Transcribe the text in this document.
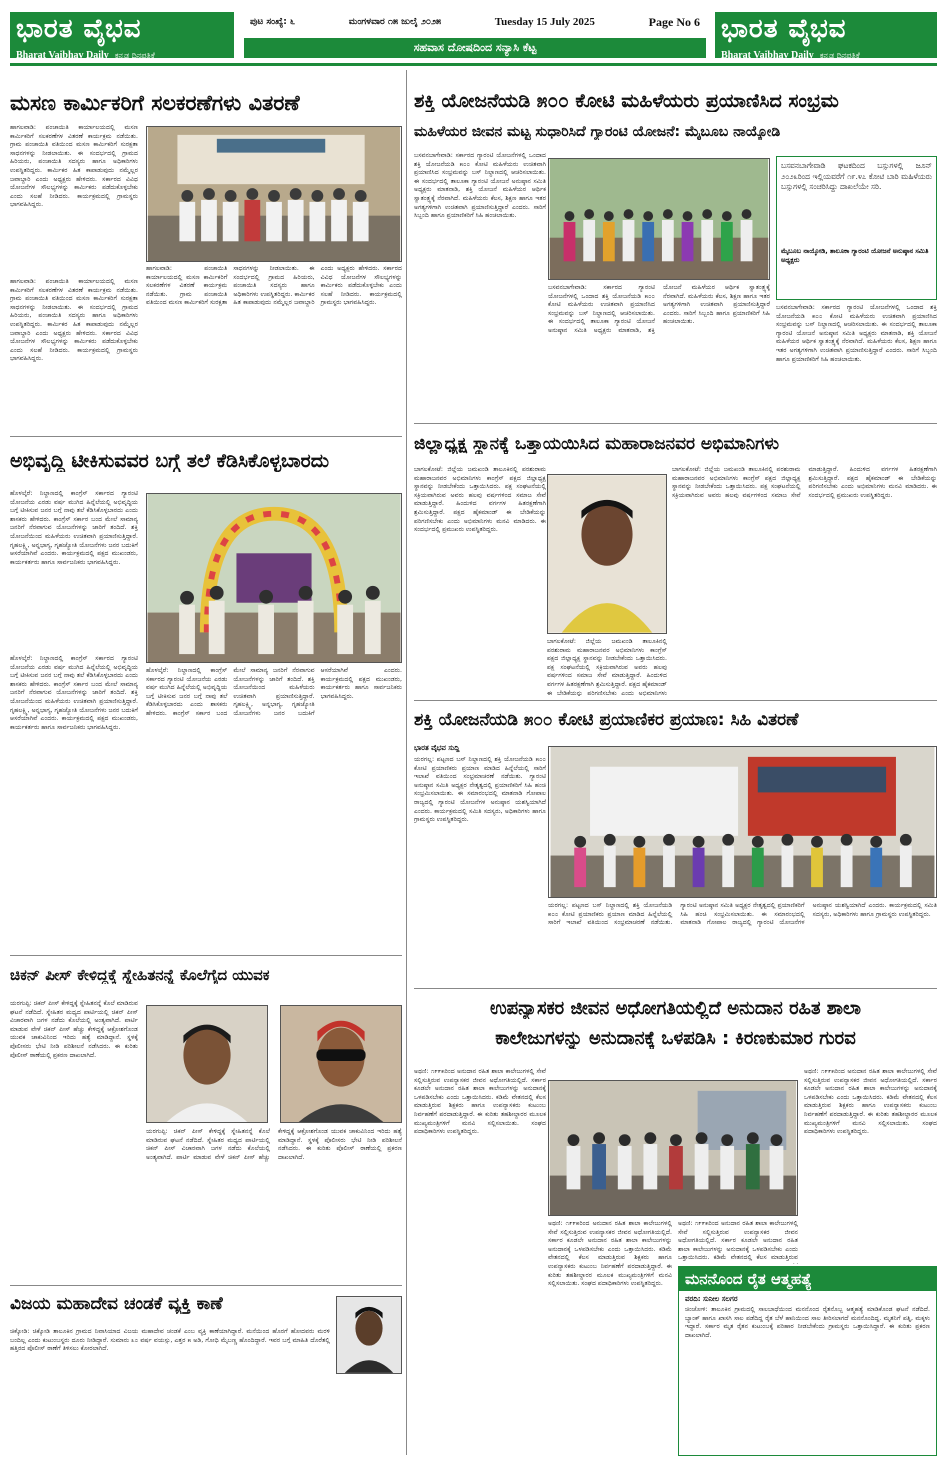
ಭಾರತ ವೈಭವ
Bharat Vaibhav Daily ಕನ್ನಡ ದಿನಪತ್ರಿಕೆ
ಭಾರತ ವೈಭವ
Bharat Vaibhav Daily ಕನ್ನಡ ದಿನಪತ್ರಿಕೆ
ಪುಟ ಸಂಖ್ಯೆ: ೬	ಮಂಗಳವಾರ ೧೫ ಜುಲೈ ೨೦೨೫	Tuesday 15 July 2025	Page No 6
ಸಹವಾಸ ದೋಷದಿಂದ ಸನ್ಯಾಸಿ ಕೆಟ್ಟ
ಮಸಣ ಕಾರ್ಮಿಕರಿಗೆ ಸಲಕರಣೆಗಳು ವಿತರಣೆ
ಹಾಗಲವಾಡಿ: ಪಂಚಾಯಿತಿ ಕಾರ್ಯಾಲಯದಲ್ಲಿ ಮಸಣ ಕಾರ್ಮಿಕರಿಗೆ ಸಲಕರಣೆಗಳ ವಿತರಣೆ ಕಾರ್ಯಕ್ರಮ ನಡೆಯಿತು. ಗ್ರಾಮ ಪಂಚಾಯಿತಿ ವತಿಯಿಂದ ಮಸಣ ಕಾರ್ಮಿಕರಿಗೆ ಸುರಕ್ಷತಾ ಸಾಧನಗಳನ್ನು ನೀಡಲಾಯಿತು. ಈ ಸಂದರ್ಭದಲ್ಲಿ ಗ್ರಾಮದ ಹಿರಿಯರು, ಪಂಚಾಯಿತಿ ಸದಸ್ಯರು ಹಾಗೂ ಅಧಿಕಾರಿಗಳು ಉಪಸ್ಥಿತರಿದ್ದರು. ಕಾರ್ಮಿಕರ ಹಿತ ಕಾಪಾಡುವುದು ನಮ್ಮೆಲ್ಲರ ಜವಾಬ್ದಾರಿ ಎಂದು ಅಧ್ಯಕ್ಷರು ಹೇಳಿದರು. ಸರ್ಕಾರದ ವಿವಿಧ ಯೋಜನೆಗಳ ಸೌಲಭ್ಯಗಳನ್ನು ಕಾರ್ಮಿಕರು ಪಡೆದುಕೊಳ್ಳಬೇಕು ಎಂದು ಸಲಹೆ ನೀಡಿದರು. ಕಾರ್ಯಕ್ರಮದಲ್ಲಿ ಗ್ರಾಮಸ್ಥರು ಭಾಗವಹಿಸಿದ್ದರು.
ಹಾಗಲವಾಡಿ: ಪಂಚಾಯಿತಿ ಕಾರ್ಯಾಲಯದಲ್ಲಿ ಮಸಣ ಕಾರ್ಮಿಕರಿಗೆ ಸಲಕರಣೆಗಳ ವಿತರಣೆ ಕಾರ್ಯಕ್ರಮ ನಡೆಯಿತು. ಗ್ರಾಮ ಪಂಚಾಯಿತಿ ವತಿಯಿಂದ ಮಸಣ ಕಾರ್ಮಿಕರಿಗೆ ಸುರಕ್ಷತಾ ಸಾಧನಗಳನ್ನು ನೀಡಲಾಯಿತು. ಈ ಸಂದರ್ಭದಲ್ಲಿ ಗ್ರಾಮದ ಹಿರಿಯರು, ಪಂಚಾಯಿತಿ ಸದಸ್ಯರು ಹಾಗೂ ಅಧಿಕಾರಿಗಳು ಉಪಸ್ಥಿತರಿದ್ದರು. ಕಾರ್ಮಿಕರ ಹಿತ ಕಾಪಾಡುವುದು ನಮ್ಮೆಲ್ಲರ ಜವಾಬ್ದಾರಿ ಎಂದು ಅಧ್ಯಕ್ಷರು ಹೇಳಿದರು. ಸರ್ಕಾರದ ವಿವಿಧ ಯೋಜನೆಗಳ ಸೌಲಭ್ಯಗಳನ್ನು ಕಾರ್ಮಿಕರು ಪಡೆದುಕೊಳ್ಳಬೇಕು ಎಂದು ಸಲಹೆ ನೀಡಿದರು. ಕಾರ್ಯಕ್ರಮದಲ್ಲಿ ಗ್ರಾಮಸ್ಥರು ಭಾಗವಹಿಸಿದ್ದರು.
ಹಾಗಲವಾಡಿ: ಪಂಚಾಯಿತಿ ಕಾರ್ಯಾಲಯದಲ್ಲಿ ಮಸಣ ಕಾರ್ಮಿಕರಿಗೆ ಸಲಕರಣೆಗಳ ವಿತರಣೆ ಕಾರ್ಯಕ್ರಮ ನಡೆಯಿತು. ಗ್ರಾಮ ಪಂಚಾಯಿತಿ ವತಿಯಿಂದ ಮಸಣ ಕಾರ್ಮಿಕರಿಗೆ ಸುರಕ್ಷತಾ ಸಾಧನಗಳನ್ನು ನೀಡಲಾಯಿತು. ಈ ಸಂದರ್ಭದಲ್ಲಿ ಗ್ರಾಮದ ಹಿರಿಯರು, ಪಂಚಾಯಿತಿ ಸದಸ್ಯರು ಹಾಗೂ ಅಧಿಕಾರಿಗಳು ಉಪಸ್ಥಿತರಿದ್ದರು. ಕಾರ್ಮಿಕರ ಹಿತ ಕಾಪಾಡುವುದು ನಮ್ಮೆಲ್ಲರ ಜವಾಬ್ದಾರಿ ಎಂದು ಅಧ್ಯಕ್ಷರು ಹೇಳಿದರು. ಸರ್ಕಾರದ ವಿವಿಧ ಯೋಜನೆಗಳ ಸೌಲಭ್ಯಗಳನ್ನು ಕಾರ್ಮಿಕರು ಪಡೆದುಕೊಳ್ಳಬೇಕು ಎಂದು ಸಲಹೆ ನೀಡಿದರು. ಕಾರ್ಯಕ್ರಮದಲ್ಲಿ ಗ್ರಾಮಸ್ಥರು ಭಾಗವಹಿಸಿದ್ದರು.
ಅಭಿವೃದ್ಧಿ ಟೀಕಿಸುವವರ ಬಗ್ಗೆ ತಲೆ ಕೆಡಿಸಿಕೊಳ್ಳಬಾರದು
ಹೊಳಲ್ಕೆರೆ: ನಿಲ್ದಾಣದಲ್ಲಿ ಕಾಂಗ್ರೆಸ್ ಸರ್ಕಾರದ ಗ್ಯಾರಂಟಿ ಯೋಜನೆಯ ಎರಡು ವರ್ಷ ಮುಗಿದ ಹಿನ್ನೆಲೆಯಲ್ಲಿ ಅಭಿವೃದ್ಧಿಯ ಬಗ್ಗೆ ಟೀಕಿಸುವ ಜನರ ಬಗ್ಗೆ ನಾವು ತಲೆ ಕೆಡಿಸಿಕೊಳ್ಳಬಾರದು ಎಂದು ಶಾಸಕರು ಹೇಳಿದರು. ಕಾಂಗ್ರೆಸ್ ಸರ್ಕಾರ ಬಂದ ಮೇಲೆ ಸಾಮಾನ್ಯ ಜನರಿಗೆ ನೆರವಾಗುವ ಯೋಜನೆಗಳನ್ನು ಜಾರಿಗೆ ತಂದಿದೆ. ಶಕ್ತಿ ಯೋಜನೆಯಿಂದ ಮಹಿಳೆಯರು ಉಚಿತವಾಗಿ ಪ್ರಯಾಣಿಸುತ್ತಿದ್ದಾರೆ. ಗೃಹಲಕ್ಷ್ಮಿ, ಅನ್ನಭಾಗ್ಯ, ಗೃಹಜ್ಯೋತಿ ಯೋಜನೆಗಳು ಜನರ ಬದುಕಿಗೆ ಆಸರೆಯಾಗಿವೆ ಎಂದರು. ಕಾರ್ಯಕ್ರಮದಲ್ಲಿ ಪಕ್ಷದ ಮುಖಂಡರು, ಕಾರ್ಯಕರ್ತರು ಹಾಗೂ ಸಾರ್ವಜನಿಕರು ಭಾಗವಹಿಸಿದ್ದರು.
ಹೊಳಲ್ಕೆರೆ: ನಿಲ್ದಾಣದಲ್ಲಿ ಕಾಂಗ್ರೆಸ್ ಸರ್ಕಾರದ ಗ್ಯಾರಂಟಿ ಯೋಜನೆಯ ಎರಡು ವರ್ಷ ಮುಗಿದ ಹಿನ್ನೆಲೆಯಲ್ಲಿ ಅಭಿವೃದ್ಧಿಯ ಬಗ್ಗೆ ಟೀಕಿಸುವ ಜನರ ಬಗ್ಗೆ ನಾವು ತಲೆ ಕೆಡಿಸಿಕೊಳ್ಳಬಾರದು ಎಂದು ಶಾಸಕರು ಹೇಳಿದರು. ಕಾಂಗ್ರೆಸ್ ಸರ್ಕಾರ ಬಂದ ಮೇಲೆ ಸಾಮಾನ್ಯ ಜನರಿಗೆ ನೆರವಾಗುವ ಯೋಜನೆಗಳನ್ನು ಜಾರಿಗೆ ತಂದಿದೆ. ಶಕ್ತಿ ಯೋಜನೆಯಿಂದ ಮಹಿಳೆಯರು ಉಚಿತವಾಗಿ ಪ್ರಯಾಣಿಸುತ್ತಿದ್ದಾರೆ. ಗೃಹಲಕ್ಷ್ಮಿ, ಅನ್ನಭಾಗ್ಯ, ಗೃಹಜ್ಯೋತಿ ಯೋಜನೆಗಳು ಜನರ ಬದುಕಿಗೆ ಆಸರೆಯಾಗಿವೆ ಎಂದರು. ಕಾರ್ಯಕ್ರಮದಲ್ಲಿ ಪಕ್ಷದ ಮುಖಂಡರು, ಕಾರ್ಯಕರ್ತರು ಹಾಗೂ ಸಾರ್ವಜನಿಕರು ಭಾಗವಹಿಸಿದ್ದರು.
ಹೊಳಲ್ಕೆರೆ: ನಿಲ್ದಾಣದಲ್ಲಿ ಕಾಂಗ್ರೆಸ್ ಸರ್ಕಾರದ ಗ್ಯಾರಂಟಿ ಯೋಜನೆಯ ಎರಡು ವರ್ಷ ಮುಗಿದ ಹಿನ್ನೆಲೆಯಲ್ಲಿ ಅಭಿವೃದ್ಧಿಯ ಬಗ್ಗೆ ಟೀಕಿಸುವ ಜನರ ಬಗ್ಗೆ ನಾವು ತಲೆ ಕೆಡಿಸಿಕೊಳ್ಳಬಾರದು ಎಂದು ಶಾಸಕರು ಹೇಳಿದರು. ಕಾಂಗ್ರೆಸ್ ಸರ್ಕಾರ ಬಂದ ಮೇಲೆ ಸಾಮಾನ್ಯ ಜನರಿಗೆ ನೆರವಾಗುವ ಯೋಜನೆಗಳನ್ನು ಜಾರಿಗೆ ತಂದಿದೆ. ಶಕ್ತಿ ಯೋಜನೆಯಿಂದ ಮಹಿಳೆಯರು ಉಚಿತವಾಗಿ ಪ್ರಯಾಣಿಸುತ್ತಿದ್ದಾರೆ. ಗೃಹಲಕ್ಷ್ಮಿ, ಅನ್ನಭಾಗ್ಯ, ಗೃಹಜ್ಯೋತಿ ಯೋಜನೆಗಳು ಜನರ ಬದುಕಿಗೆ ಆಸರೆಯಾಗಿವೆ ಎಂದರು. ಕಾರ್ಯಕ್ರಮದಲ್ಲಿ ಪಕ್ಷದ ಮುಖಂಡರು, ಕಾರ್ಯಕರ್ತರು ಹಾಗೂ ಸಾರ್ವಜನಿಕರು ಭಾಗವಹಿಸಿದ್ದರು.
ಚಿಕನ್ ಪೀಸ್ ಕೇಳಿದ್ದಕ್ಕೆ ಸ್ನೇಹಿತನನ್ನೆ ಕೊಲೆಗೈದ ಯುವಕ
ಯರಗುಪ್ಪಿ: ಚಿಕನ್ ಪೀಸ್ ಕೇಳಿದ್ದಕ್ಕೆ ಸ್ನೇಹಿತನನ್ನೆ ಕೊಲೆ ಮಾಡಿರುವ ಘಟನೆ ನಡೆದಿದೆ. ಸ್ನೇಹಿತರ ಮಧ್ಯದ ಪಾರ್ಟಿಯಲ್ಲಿ ಚಿಕನ್ ಪೀಸ್ ವಿಚಾರವಾಗಿ ಜಗಳ ನಡೆದು ಕೊಲೆಯಲ್ಲಿ ಅಂತ್ಯವಾಗಿದೆ. ಪಾರ್ಟಿ ಮಾಡುವ ವೇಳೆ ಚಿಕನ್ ಪೀಸ್ ಹೆಚ್ಚು ಕೇಳಿದ್ದಕ್ಕೆ ಆಕ್ರೋಶಗೊಂಡ ಯುವಕ ಚಾಕುವಿನಿಂದ ಇರಿದು ಹತ್ಯೆ ಮಾಡಿದ್ದಾನೆ. ಸ್ಥಳಕ್ಕೆ ಪೊಲೀಸರು ಭೇಟಿ ನೀಡಿ ಪರಿಶೀಲನೆ ನಡೆಸಿದರು. ಈ ಕುರಿತು ಪೊಲೀಸ್ ಠಾಣೆಯಲ್ಲಿ ಪ್ರಕರಣ ದಾಖಲಾಗಿದೆ.
ಯರಗುಪ್ಪಿ: ಚಿಕನ್ ಪೀಸ್ ಕೇಳಿದ್ದಕ್ಕೆ ಸ್ನೇಹಿತನನ್ನೆ ಕೊಲೆ ಮಾಡಿರುವ ಘಟನೆ ನಡೆದಿದೆ. ಸ್ನೇಹಿತರ ಮಧ್ಯದ ಪಾರ್ಟಿಯಲ್ಲಿ ಚಿಕನ್ ಪೀಸ್ ವಿಚಾರವಾಗಿ ಜಗಳ ನಡೆದು ಕೊಲೆಯಲ್ಲಿ ಅಂತ್ಯವಾಗಿದೆ. ಪಾರ್ಟಿ ಮಾಡುವ ವೇಳೆ ಚಿಕನ್ ಪೀಸ್ ಹೆಚ್ಚು ಕೇಳಿದ್ದಕ್ಕೆ ಆಕ್ರೋಶಗೊಂಡ ಯುವಕ ಚಾಕುವಿನಿಂದ ಇರಿದು ಹತ್ಯೆ ಮಾಡಿದ್ದಾನೆ. ಸ್ಥಳಕ್ಕೆ ಪೊಲೀಸರು ಭೇಟಿ ನೀಡಿ ಪರಿಶೀಲನೆ ನಡೆಸಿದರು. ಈ ಕುರಿತು ಪೊಲೀಸ್ ಠಾಣೆಯಲ್ಲಿ ಪ್ರಕರಣ ದಾಖಲಾಗಿದೆ.
ವಿಜಯ ಮಹಾದೇವ ಚಂಡಕೆ ವ್ಯಕ್ತಿ ಕಾಣೆ
ಚಿಕ್ಕೋಡಿ: ಚಿಕ್ಕೋಡಿ ತಾಲೂಕಿನ ಗ್ರಾಮದ ನಿವಾಸಿಯಾದ ವಿಜಯ ಮಹಾದೇವ ಚಂಡಕೆ ಎಂಬ ವ್ಯಕ್ತಿ ಕಾಣೆಯಾಗಿದ್ದಾರೆ. ಮನೆಯಿಂದ ಹೊರಗೆ ಹೋದವರು ಮರಳಿ ಬಂದಿಲ್ಲ ಎಂದು ಕುಟುಂಬಸ್ಥರು ದೂರು ನೀಡಿದ್ದಾರೆ. ಸುಮಾರು ೩೦ ವರ್ಷ ವಯಸ್ಸು, ಎತ್ತರ ೫ ಅಡಿ, ಗೋಧಿ ಮೈಬಣ್ಣ ಹೊಂದಿದ್ದಾರೆ. ಇವರ ಬಗ್ಗೆ ಮಾಹಿತಿ ದೊರೆತಲ್ಲಿ ಹತ್ತಿರದ ಪೊಲೀಸ್ ಠಾಣೆಗೆ ತಿಳಿಸಲು ಕೋರಲಾಗಿದೆ.
ಶಕ್ತಿ ಯೋಜನೆಯಡಿ ೫೦೦ ಕೋಟಿ ಮಹಿಳೆಯರು ಪ್ರಯಾಣಿಸಿದ ಸಂಭ್ರಮ
ಮಹಿಳೆಯರ ಜೀವನ ಮಟ್ಟ ಸುಧಾರಿಸಿದೆ ಗ್ಯಾರಂಟಿ ಯೋಜನೆ: ಮೈಬೂಬ ನಾಯ್ಕೋಡಿ
ಬಸವನಬಾಗೇವಾಡಿ: ಸರ್ಕಾರದ ಗ್ಯಾರಂಟಿ ಯೋಜನೆಗಳಲ್ಲಿ ಒಂದಾದ ಶಕ್ತಿ ಯೋಜನೆಯಡಿ ೫೦೦ ಕೋಟಿ ಮಹಿಳೆಯರು ಉಚಿತವಾಗಿ ಪ್ರಯಾಣಿಸಿದ ಸಂಭ್ರಮವನ್ನು ಬಸ್ ನಿಲ್ದಾಣದಲ್ಲಿ ಆಚರಿಸಲಾಯಿತು. ಈ ಸಂದರ್ಭದಲ್ಲಿ ತಾಲೂಕಾ ಗ್ಯಾರಂಟಿ ಯೋಜನೆ ಅನುಷ್ಠಾನ ಸಮಿತಿ ಅಧ್ಯಕ್ಷರು ಮಾತನಾಡಿ, ಶಕ್ತಿ ಯೋಜನೆ ಮಹಿಳೆಯರ ಆರ್ಥಿಕ ಸ್ವಾತಂತ್ರ್ಯಕ್ಕೆ ನೆರವಾಗಿದೆ. ಮಹಿಳೆಯರು ಕೆಲಸ, ಶಿಕ್ಷಣ ಹಾಗೂ ಇತರ ಅಗತ್ಯಗಳಿಗಾಗಿ ಉಚಿತವಾಗಿ ಪ್ರಯಾಣಿಸುತ್ತಿದ್ದಾರೆ ಎಂದರು. ಸಾರಿಗೆ ಸಿಬ್ಬಂದಿ ಹಾಗೂ ಪ್ರಯಾಣಿಕರಿಗೆ ಸಿಹಿ ಹಂಚಲಾಯಿತು.
ಬಸವನಬಾಗೇವಾಡಿ: ಸರ್ಕಾರದ ಗ್ಯಾರಂಟಿ ಯೋಜನೆಗಳಲ್ಲಿ ಒಂದಾದ ಶಕ್ತಿ ಯೋಜನೆಯಡಿ ೫೦೦ ಕೋಟಿ ಮಹಿಳೆಯರು ಉಚಿತವಾಗಿ ಪ್ರಯಾಣಿಸಿದ ಸಂಭ್ರಮವನ್ನು ಬಸ್ ನಿಲ್ದಾಣದಲ್ಲಿ ಆಚರಿಸಲಾಯಿತು. ಈ ಸಂದರ್ಭದಲ್ಲಿ ತಾಲೂಕಾ ಗ್ಯಾರಂಟಿ ಯೋಜನೆ ಅನುಷ್ಠಾನ ಸಮಿತಿ ಅಧ್ಯಕ್ಷರು ಮಾತನಾಡಿ, ಶಕ್ತಿ ಯೋಜನೆ ಮಹಿಳೆಯರ ಆರ್ಥಿಕ ಸ್ವಾತಂತ್ರ್ಯಕ್ಕೆ ನೆರವಾಗಿದೆ. ಮಹಿಳೆಯರು ಕೆಲಸ, ಶಿಕ್ಷಣ ಹಾಗೂ ಇತರ ಅಗತ್ಯಗಳಿಗಾಗಿ ಉಚಿತವಾಗಿ ಪ್ರಯಾಣಿಸುತ್ತಿದ್ದಾರೆ ಎಂದರು. ಸಾರಿಗೆ ಸಿಬ್ಬಂದಿ ಹಾಗೂ ಪ್ರಯಾಣಿಕರಿಗೆ ಸಿಹಿ ಹಂಚಲಾಯಿತು.
ಬಸವನಬಾಗೇವಾಡಿ ಘಟಕದಿಂದ ಬಸ್ಸುಗಳಲ್ಲಿ ಜೂನ್ ೨೦೨೩ರಿಂದ ಇಲ್ಲಿಯವರೆಗೆ ೧೯.೪೭ ಕೋಟಿ ಬಾರಿ ಮಹಿಳೆಯರು ಬಸ್ಸುಗಳಲ್ಲಿ ಸಂಚರಿಸಿದ್ದು ದಾಖಲೆಯೇ ಸರಿ.
ಮೈಬೂಬ ನಾಯ್ಕೋಡಿ, ತಾಲೂಕಾ ಗ್ಯಾರಂಟಿ ಯೋಜನೆ ಅನುಷ್ಠಾನ ಸಮಿತಿ ಅಧ್ಯಕ್ಷರು
ಬಸವನಬಾಗೇವಾಡಿ: ಸರ್ಕಾರದ ಗ್ಯಾರಂಟಿ ಯೋಜನೆಗಳಲ್ಲಿ ಒಂದಾದ ಶಕ್ತಿ ಯೋಜನೆಯಡಿ ೫೦೦ ಕೋಟಿ ಮಹಿಳೆಯರು ಉಚಿತವಾಗಿ ಪ್ರಯಾಣಿಸಿದ ಸಂಭ್ರಮವನ್ನು ಬಸ್ ನಿಲ್ದಾಣದಲ್ಲಿ ಆಚರಿಸಲಾಯಿತು. ಈ ಸಂದರ್ಭದಲ್ಲಿ ತಾಲೂಕಾ ಗ್ಯಾರಂಟಿ ಯೋಜನೆ ಅನುಷ್ಠಾನ ಸಮಿತಿ ಅಧ್ಯಕ್ಷರು ಮಾತನಾಡಿ, ಶಕ್ತಿ ಯೋಜನೆ ಮಹಿಳೆಯರ ಆರ್ಥಿಕ ಸ್ವಾತಂತ್ರ್ಯಕ್ಕೆ ನೆರವಾಗಿದೆ. ಮಹಿಳೆಯರು ಕೆಲಸ, ಶಿಕ್ಷಣ ಹಾಗೂ ಇತರ ಅಗತ್ಯಗಳಿಗಾಗಿ ಉಚಿತವಾಗಿ ಪ್ರಯಾಣಿಸುತ್ತಿದ್ದಾರೆ ಎಂದರು. ಸಾರಿಗೆ ಸಿಬ್ಬಂದಿ ಹಾಗೂ ಪ್ರಯಾಣಿಕರಿಗೆ ಸಿಹಿ ಹಂಚಲಾಯಿತು.
ಜಿಲ್ಲಾಧ್ಯಕ್ಷ ಸ್ಥಾನಕ್ಕೆ ಒತ್ತಾಯಯಿಸಿದ ಮಹಾರಾಜನವರ ಅಭಿಮಾನಿಗಳು
ಬಾಗಲಕೋಟೆ: ಜಿಲ್ಲೆಯ ಜಮಖಂಡಿ ತಾಲೂಕಿನಲ್ಲಿ ಪರಶುರಾಮ ಮಹಾರಾಜನವರ ಅಭಿಮಾನಿಗಳು ಕಾಂಗ್ರೆಸ್ ಪಕ್ಷದ ಜಿಲ್ಲಾಧ್ಯಕ್ಷ ಸ್ಥಾನವನ್ನು ನೀಡಬೇಕೆಂದು ಒತ್ತಾಯಿಸಿದರು. ಪಕ್ಷ ಸಂಘಟನೆಯಲ್ಲಿ ಸಕ್ರಿಯವಾಗಿರುವ ಅವರು ಹಲವು ವರ್ಷಗಳಿಂದ ಸಮಾಜ ಸೇವೆ ಮಾಡುತ್ತಿದ್ದಾರೆ. ಹಿಂದುಳಿದ ವರ್ಗಗಳ ಹಿತರಕ್ಷಣೆಗಾಗಿ ಶ್ರಮಿಸುತ್ತಿದ್ದಾರೆ. ಪಕ್ಷದ ಹೈಕಮಾಂಡ್ ಈ ಬೇಡಿಕೆಯನ್ನು ಪರಿಗಣಿಸಬೇಕು ಎಂದು ಅಭಿಮಾನಿಗಳು ಮನವಿ ಮಾಡಿದರು. ಈ ಸಂದರ್ಭದಲ್ಲಿ ಪ್ರಮುಖರು ಉಪಸ್ಥಿತರಿದ್ದರು.
ಬಾಗಲಕೋಟೆ: ಜಿಲ್ಲೆಯ ಜಮಖಂಡಿ ತಾಲೂಕಿನಲ್ಲಿ ಪರಶುರಾಮ ಮಹಾರಾಜನವರ ಅಭಿಮಾನಿಗಳು ಕಾಂಗ್ರೆಸ್ ಪಕ್ಷದ ಜಿಲ್ಲಾಧ್ಯಕ್ಷ ಸ್ಥಾನವನ್ನು ನೀಡಬೇಕೆಂದು ಒತ್ತಾಯಿಸಿದರು. ಪಕ್ಷ ಸಂಘಟನೆಯಲ್ಲಿ ಸಕ್ರಿಯವಾಗಿರುವ ಅವರು ಹಲವು ವರ್ಷಗಳಿಂದ ಸಮಾಜ ಸೇವೆ ಮಾಡುತ್ತಿದ್ದಾರೆ. ಹಿಂದುಳಿದ ವರ್ಗಗಳ ಹಿತರಕ್ಷಣೆಗಾಗಿ ಶ್ರಮಿಸುತ್ತಿದ್ದಾರೆ. ಪಕ್ಷದ ಹೈಕಮಾಂಡ್ ಈ ಬೇಡಿಕೆಯನ್ನು ಪರಿಗಣಿಸಬೇಕು ಎಂದು ಅಭಿಮಾನಿಗಳು ಮನವಿ ಮಾಡಿದರು. ಈ ಸಂದರ್ಭದಲ್ಲಿ ಪ್ರಮುಖರು ಉಪಸ್ಥಿತರಿದ್ದರು.
ಬಾಗಲಕೋಟೆ: ಜಿಲ್ಲೆಯ ಜಮಖಂಡಿ ತಾಲೂಕಿನಲ್ಲಿ ಪರಶುರಾಮ ಮಹಾರಾಜನವರ ಅಭಿಮಾನಿಗಳು ಕಾಂಗ್ರೆಸ್ ಪಕ್ಷದ ಜಿಲ್ಲಾಧ್ಯಕ್ಷ ಸ್ಥಾನವನ್ನು ನೀಡಬೇಕೆಂದು ಒತ್ತಾಯಿಸಿದರು. ಪಕ್ಷ ಸಂಘಟನೆಯಲ್ಲಿ ಸಕ್ರಿಯವಾಗಿರುವ ಅವರು ಹಲವು ವರ್ಷಗಳಿಂದ ಸಮಾಜ ಸೇವೆ ಮಾಡುತ್ತಿದ್ದಾರೆ. ಹಿಂದುಳಿದ ವರ್ಗಗಳ ಹಿತರಕ್ಷಣೆಗಾಗಿ ಶ್ರಮಿಸುತ್ತಿದ್ದಾರೆ. ಪಕ್ಷದ ಹೈಕಮಾಂಡ್ ಈ ಬೇಡಿಕೆಯನ್ನು ಪರಿಗಣಿಸಬೇಕು ಎಂದು ಅಭಿಮಾನಿಗಳು
ಶಕ್ತಿ ಯೋಜನೆಯಡಿ ೫೦೦ ಕೋಟಿ ಪ್ರಯಾಣಿಕರ ಪ್ರಯಾಣ: ಸಿಹಿ ವಿತರಣೆ
ಭಾರತ ವೈಭವ ಸುದ್ದಿ
ಯರಗಲ್ಲ: ಪಟ್ಟಣದ ಬಸ್ ನಿಲ್ದಾಣದಲ್ಲಿ ಶಕ್ತಿ ಯೋಜನೆಯಡಿ ೫೦೦ ಕೋಟಿ ಪ್ರಯಾಣಿಕರು ಪ್ರಯಾಣ ಮಾಡಿದ ಹಿನ್ನೆಲೆಯಲ್ಲಿ ಸಾರಿಗೆ ಇಲಾಖೆ ವತಿಯಿಂದ ಸಂಭ್ರಮಾಚರಣೆ ನಡೆಯಿತು. ಗ್ಯಾರಂಟಿ ಅನುಷ್ಠಾನ ಸಮಿತಿ ಅಧ್ಯಕ್ಷರ ನೇತೃತ್ವದಲ್ಲಿ ಪ್ರಯಾಣಿಕರಿಗೆ ಸಿಹಿ ಹಂಚಿ ಸಂಭ್ರಮಿಸಲಾಯಿತು. ಈ ಸಮಾರಂಭದಲ್ಲಿ ಮಾತನಾಡಿ ಗೋಪಾಲ ರಾಜ್ಯದಲ್ಲಿ ಗ್ಯಾರಂಟಿ ಯೋಜನೆಗಳ ಅನುಷ್ಠಾನ ಯಶಸ್ವಿಯಾಗಿದೆ ಎಂದರು. ಕಾರ್ಯಕ್ರಮದಲ್ಲಿ ಸಮಿತಿ ಸದಸ್ಯರು, ಅಧಿಕಾರಿಗಳು ಹಾಗೂ ಗ್ರಾಮಸ್ಥರು ಉಪಸ್ಥಿತರಿದ್ದರು.
ಯರಗಲ್ಲ: ಪಟ್ಟಣದ ಬಸ್ ನಿಲ್ದಾಣದಲ್ಲಿ ಶಕ್ತಿ ಯೋಜನೆಯಡಿ ೫೦೦ ಕೋಟಿ ಪ್ರಯಾಣಿಕರು ಪ್ರಯಾಣ ಮಾಡಿದ ಹಿನ್ನೆಲೆಯಲ್ಲಿ ಸಾರಿಗೆ ಇಲಾಖೆ ವತಿಯಿಂದ ಸಂಭ್ರಮಾಚರಣೆ ನಡೆಯಿತು. ಗ್ಯಾರಂಟಿ ಅನುಷ್ಠಾನ ಸಮಿತಿ ಅಧ್ಯಕ್ಷರ ನೇತೃತ್ವದಲ್ಲಿ ಪ್ರಯಾಣಿಕರಿಗೆ ಸಿಹಿ ಹಂಚಿ ಸಂಭ್ರಮಿಸಲಾಯಿತು. ಈ ಸಮಾರಂಭದಲ್ಲಿ ಮಾತನಾಡಿ ಗೋಪಾಲ ರಾಜ್ಯದಲ್ಲಿ ಗ್ಯಾರಂಟಿ ಯೋಜನೆಗಳ ಅನುಷ್ಠಾನ ಯಶಸ್ವಿಯಾಗಿದೆ ಎಂದರು. ಕಾರ್ಯಕ್ರಮದಲ್ಲಿ ಸಮಿತಿ ಸದಸ್ಯರು, ಅಧಿಕಾರಿಗಳು ಹಾಗೂ ಗ್ರಾಮಸ್ಥರು ಉಪಸ್ಥಿತರಿದ್ದರು.
ಉಪನ್ಯಾಸಕರ ಜೀವನ ಅಧೋಗತಿಯಲ್ಲಿದೆ ಅನುದಾನ ರಹಿತ ಶಾಲಾ
ಕಾಲೇಜುಗಳನ್ನು ಅನುದಾನಕ್ಕೆ ಒಳಪಡಿಸಿ : ಕಿರಣಕುಮಾರ ಗುರವ
ಅಥಣಿ: ೧೯೯೫ರಿಂದ ಅನುದಾನ ರಹಿತ ಶಾಲಾ ಕಾಲೇಜುಗಳಲ್ಲಿ ಸೇವೆ ಸಲ್ಲಿಸುತ್ತಿರುವ ಉಪನ್ಯಾಸಕರ ಜೀವನ ಅಧೋಗತಿಯಲ್ಲಿದೆ. ಸರ್ಕಾರ ಕೂಡಲೇ ಅನುದಾನ ರಹಿತ ಶಾಲಾ ಕಾಲೇಜುಗಳನ್ನು ಅನುದಾನಕ್ಕೆ ಒಳಪಡಿಸಬೇಕು ಎಂದು ಒತ್ತಾಯಿಸಿದರು. ಕಡಿಮೆ ವೇತನದಲ್ಲಿ ಕೆಲಸ ಮಾಡುತ್ತಿರುವ ಶಿಕ್ಷಕರು ಹಾಗೂ ಉಪನ್ಯಾಸಕರು ಕುಟುಂಬ ನಿರ್ವಹಣೆಗೆ ಪರದಾಡುತ್ತಿದ್ದಾರೆ. ಈ ಕುರಿತು ತಹಶೀಲ್ದಾರರ ಮೂಲಕ ಮುಖ್ಯಮಂತ್ರಿಗಳಿಗೆ ಮನವಿ ಸಲ್ಲಿಸಲಾಯಿತು. ಸಂಘದ ಪದಾಧಿಕಾರಿಗಳು ಉಪಸ್ಥಿತರಿದ್ದರು.
ಅಥಣಿ: ೧೯೯೫ರಿಂದ ಅನುದಾನ ರಹಿತ ಶಾಲಾ ಕಾಲೇಜುಗಳಲ್ಲಿ ಸೇವೆ ಸಲ್ಲಿಸುತ್ತಿರುವ ಉಪನ್ಯಾಸಕರ ಜೀವನ ಅಧೋಗತಿಯಲ್ಲಿದೆ. ಸರ್ಕಾರ ಕೂಡಲೇ ಅನುದಾನ ರಹಿತ ಶಾಲಾ ಕಾಲೇಜುಗಳನ್ನು ಅನುದಾನಕ್ಕೆ ಒಳಪಡಿಸಬೇಕು ಎಂದು ಒತ್ತಾಯಿಸಿದರು. ಕಡಿಮೆ ವೇತನದಲ್ಲಿ ಕೆಲಸ ಮಾಡುತ್ತಿರುವ ಶಿಕ್ಷಕರು ಹಾಗೂ ಉಪನ್ಯಾಸಕರು ಕುಟುಂಬ ನಿರ್ವಹಣೆಗೆ ಪರದಾಡುತ್ತಿದ್ದಾರೆ. ಈ ಕುರಿತು ತಹಶೀಲ್ದಾರರ ಮೂಲಕ ಮುಖ್ಯಮಂತ್ರಿಗಳಿಗೆ ಮನವಿ ಸಲ್ಲಿಸಲಾಯಿತು. ಸಂಘದ ಪದಾಧಿಕಾರಿಗಳು ಉಪಸ್ಥಿತರಿದ್ದರು.
ಅಥಣಿ: ೧೯೯೫ರಿಂದ ಅನುದಾನ ರಹಿತ ಶಾಲಾ ಕಾಲೇಜುಗಳಲ್ಲಿ ಸೇವೆ ಸಲ್ಲಿಸುತ್ತಿರುವ ಉಪನ್ಯಾಸಕರ ಜೀವನ ಅಧೋಗತಿಯಲ್ಲಿದೆ. ಸರ್ಕಾರ ಕೂಡಲೇ ಅನುದಾನ ರಹಿತ ಶಾಲಾ ಕಾಲೇಜುಗಳನ್ನು ಅನುದಾನಕ್ಕೆ ಒಳಪಡಿಸಬೇಕು ಎಂದು ಒತ್ತಾಯಿಸಿದರು. ಕಡಿಮೆ ವೇತನದಲ್ಲಿ ಕೆಲಸ ಮಾಡುತ್ತಿರುವ
ಅಥಣಿ: ೧೯೯೫ರಿಂದ ಅನುದಾನ ರಹಿತ ಶಾಲಾ ಕಾಲೇಜುಗಳಲ್ಲಿ ಸೇವೆ ಸಲ್ಲಿಸುತ್ತಿರುವ ಉಪನ್ಯಾಸಕರ ಜೀವನ ಅಧೋಗತಿಯಲ್ಲಿದೆ. ಸರ್ಕಾರ ಕೂಡಲೇ ಅನುದಾನ ರಹಿತ ಶಾಲಾ ಕಾಲೇಜುಗಳನ್ನು ಅನುದಾನಕ್ಕೆ ಒಳಪಡಿಸಬೇಕು ಎಂದು ಒತ್ತಾಯಿಸಿದರು. ಕಡಿಮೆ ವೇತನದಲ್ಲಿ ಕೆಲಸ ಮಾಡುತ್ತಿರುವ ಶಿಕ್ಷಕರು ಹಾಗೂ ಉಪನ್ಯಾಸಕರು ಕುಟುಂಬ ನಿರ್ವಹಣೆಗೆ ಪರದಾಡುತ್ತಿದ್ದಾರೆ. ಈ ಕುರಿತು ತಹಶೀಲ್ದಾರರ ಮೂಲಕ ಮುಖ್ಯಮಂತ್ರಿಗಳಿಗೆ ಮನವಿ ಸಲ್ಲಿಸಲಾಯಿತು. ಸಂಘದ ಪದಾಧಿಕಾರಿಗಳು ಉಪಸ್ಥಿತರಿದ್ದರು.
ಮನನೊಂದ ರೈತ ಆತ್ಮಹತ್ಯೆ
ವರದಿ: ಸುನೀಲ ಸಲಗರ
ಚಿಂಚೋಳಿ: ತಾಲೂಕಿನ ಗ್ರಾಮದಲ್ಲಿ ಸಾಲಬಾಧೆಯಿಂದ ಮನನೊಂದ ರೈತನೊಬ್ಬ ಆತ್ಮಹತ್ಯೆ ಮಾಡಿಕೊಂಡ ಘಟನೆ ನಡೆದಿದೆ. ಬ್ಯಾಂಕ್ ಹಾಗೂ ಖಾಸಗಿ ಸಾಲ ಪಡೆದಿದ್ದ ರೈತ ಬೆಳೆ ಹಾನಿಯಿಂದ ಸಾಲ ತೀರಿಸಲಾಗದೆ ಮನನೊಂದಿದ್ದ. ಮೃತನಿಗೆ ಪತ್ನಿ, ಮಕ್ಕಳು ಇದ್ದಾರೆ. ಸರ್ಕಾರ ಮೃತ ರೈತನ ಕುಟುಂಬಕ್ಕೆ ಪರಿಹಾರ ನೀಡಬೇಕೆಂದು ಗ್ರಾಮಸ್ಥರು ಒತ್ತಾಯಿಸಿದ್ದಾರೆ. ಈ ಕುರಿತು ಪ್ರಕರಣ ದಾಖಲಾಗಿದೆ.
